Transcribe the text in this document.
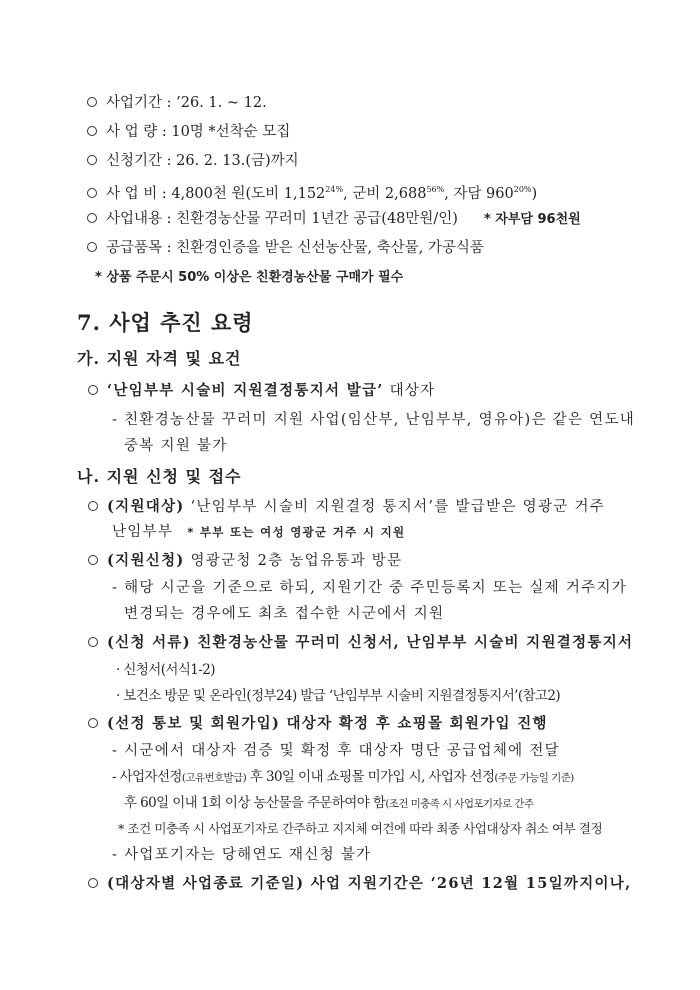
사업기간 : ’26. 1. ~ 12.
사 업 량 : 10명 *선착순 모집
신청기간 : 26. 2. 13.(금)까지
사 업 비 : 4,800천 원(도비 $1,152^{24\%}$, 군비 $2,688^{56\%}$, 자담 $960^{20\%}$)
사업내용 : 친환경농산물 꾸러미 1년간 공급(48만원/인) * 자부담 96천원
공급품목 : 친환경인증을 받은 신선농산물, 축산물, 가공식품
* 상품 주문시 50% 이상은 친환경농산물 구매가 필수
7. 사업 추진 요령
가. 지원 자격 및 요건
‘난임부부 시술비 지원결정통지서 발급’ 대상자
- 친환경농산물 꾸러미 지원 사업(임산부, 난임부부, 영유아)은 같은 연도내
중복 지원 불가
나. 지원 신청 및 접수
(지원대상) ‘난임부부 시술비 지원결정 통지서’를 발급받은 영광군 거주
난임부부 * 부부 또는 여성 영광군 거주 시 지원
(지원신청) 영광군청 2층 농업유통과 방문
- 해당 시군을 기준으로 하되, 지원기간 중 주민등록지 또는 실제 거주지가
변경되는 경우에도 최초 접수한 시군에서 지원
(신청 서류) 친환경농산물 꾸러미 신청서, 난임부부 시술비 지원결정통지서
· 신청서(서식1-2)
· 보건소 방문 및 온라인(정부24) 발급 ‘난임부부 시술비 지원결정통지서’(참고2)
(선정 통보 및 회원가입) 대상자 확정 후 쇼핑몰 회원가입 진행
- 시군에서 대상자 검증 및 확정 후 대상자 명단 공급업체에 전달
- 사업자선정(고유번호발급) 후 30일 이내 쇼핑몰 미가입 시, 사업자 선정(주문 가능일 기준)
후 60일 이내 1회 이상 농산물을 주문하여야 함(조건 미충족 시 사업포기자로 간주
* 조건 미충족 시 사업포기자로 간주하고 지지체 여건에 따라 최종 사업대상자 취소 여부 결정
- 사업포기자는 당해연도 재신청 불가
(대상자별 사업종료 기준일) 사업 지원기간은 ‘26년 12월 15일까지이나,
